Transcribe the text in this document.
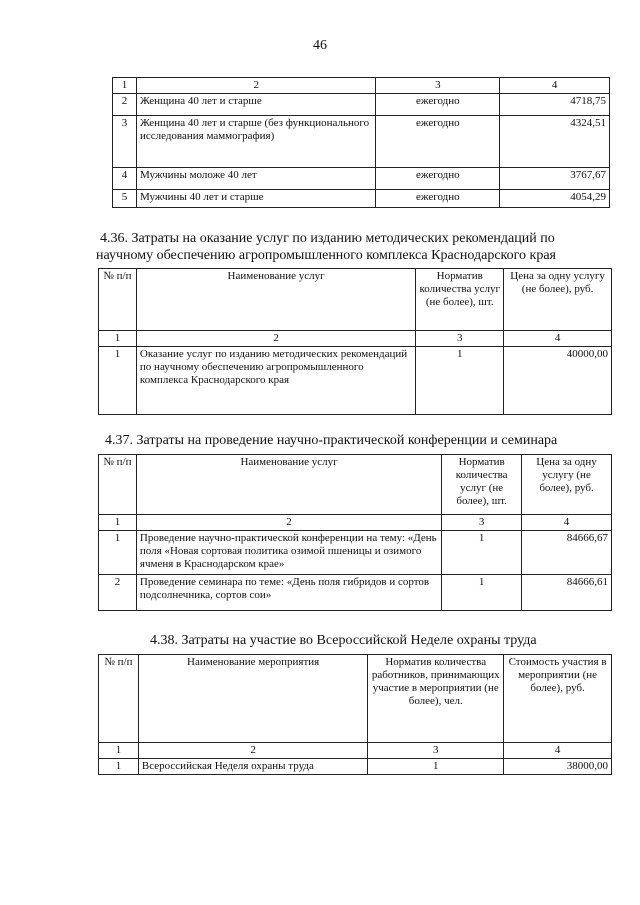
46
1	2	3	4
2	Женщина 40 лет и старше	ежегодно	4718,75
3	Женщина 40 лет и старше (без функционального исследования маммография)	ежегодно	4324,51
4	Мужчины моложе 40 лет	ежегодно	3767,67
5	Мужчины 40 лет и старше	ежегодно	4054,29
4.36. Затраты на оказание услуг по изданию методических рекомендаций по
научному обеспечению агропромышленного комплекса Краснодарского края
№ п/п	Наименование услуг	Норматив количества услуг (не более), шт.	Цена за одну услугу (не более), руб.
1	2	3	4
1	Оказание услуг по изданию методических рекомендаций по научному обеспечению агропромышленного комплекса Краснодарского края	1	40000,00
4.37. Затраты на проведение научно-практической конференции и семинара
№ п/п	Наименование услуг	Норматив количества услуг (не более), шт.	Цена за одну услугу (не более), руб.
1	2	3	4
1	Проведение научно-практической конференции на тему: «День поля «Новая сортовая политика озимой пшеницы и озимого ячменя в Краснодарском крае»	1	84666,67
2	Проведение семинара по теме: «День поля гибридов и сортов подсолнечника, сортов сои»	1	84666,61
4.38. Затраты на участие во Всероссийской Неделе охраны труда
№ п/п	Наименование мероприятия	Норматив количества работников, принимающих участие в мероприятии (не более), чел.	Стоимость участия в мероприятии (не более), руб.
1	2	3	4
1	Всероссийская Неделя охраны труда	1	38000,00
